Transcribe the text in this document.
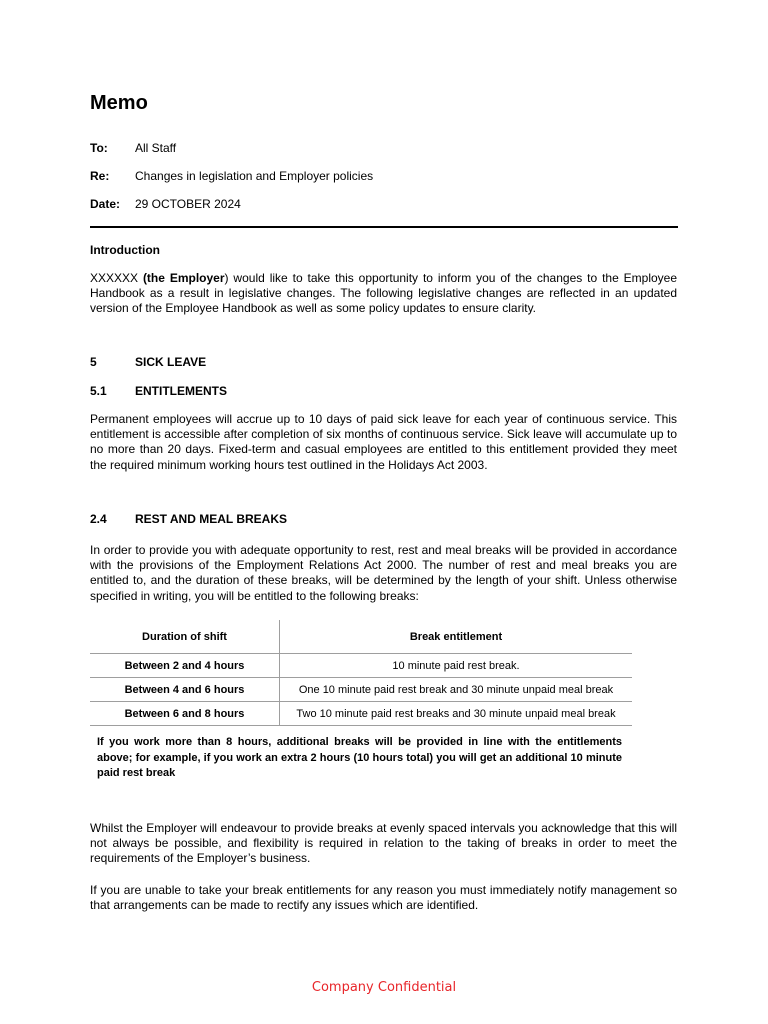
Memo
To: All Staff
Re: Changes in legislation and Employer policies
Date: 29 OCTOBER 2024
Introduction

XXXXXX (the Employer) would like to take this opportunity to inform you of the changes to the Employee Handbook as a result in legislative changes. The following legislative changes are reflected in an updated version of the Employee Handbook as well as some policy updates to ensure clarity.

5	SICK LEAVE
5.1 ENTITLEMENTS

Permanent employees will accrue up to 10 days of paid sick leave for each year of continuous service. This entitlement is accessible after completion of six months of continuous service. Sick leave will accumulate up to no more than 20 days. Fixed-term and casual employees are entitled to this entitlement provided they meet the required minimum working hours test outlined in the Holidays Act 2003.

2.4 REST AND MEAL BREAKS

In order to provide you with adequate opportunity to rest, rest and meal breaks will be provided in accordance with the provisions of the Employment Relations Act 2000. The number of rest and meal breaks you are entitled to, and the duration of these breaks, will be determined by the length of your shift. Unless otherwise specified in writing, you will be entitled to the following breaks:

Duration of shift	Break entitlement
Between 2 and 4 hours	10 minute paid rest break.
Between 4 and 6 hours	One 10 minute paid rest break and 30 minute unpaid meal break
Between 6 and 8 hours	Two 10 minute paid rest breaks and 30 minute unpaid meal break

If you work more than 8 hours, additional breaks will be provided in line with the entitlements above; for example, if you work an extra 2 hours (10 hours total) you will get an additional 10 minute paid rest break

Whilst the Employer will endeavour to provide breaks at evenly spaced intervals you acknowledge that this will not always be possible, and flexibility is required in relation to the taking of breaks in order to meet the requirements of the Employer’s business.

If you are unable to take your break entitlements for any reason you must immediately notify management so that arrangements can be made to rectify any issues which are identified.

Company Confidential
